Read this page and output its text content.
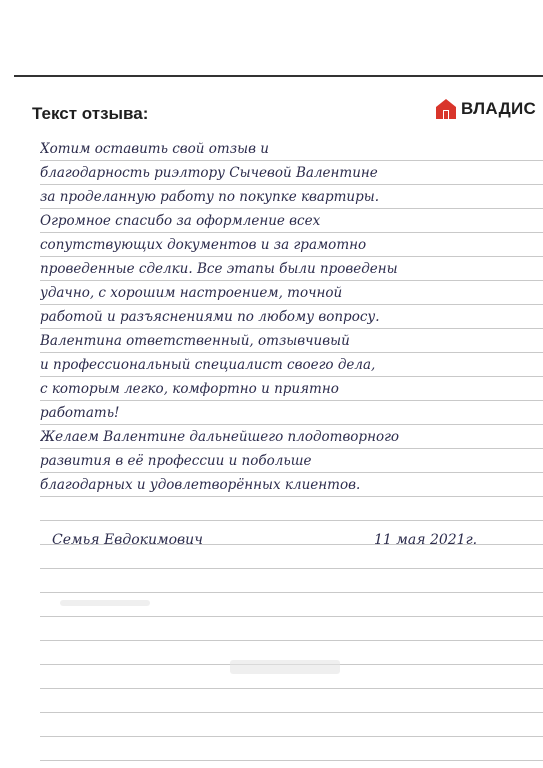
Текст отзыва:	ВЛАДИС
Хотим оставить свой отзыв и
благодарность риэлтору Сычевой Валентине
за проделанную работу по покупке квартиры.
Огромное спасибо за оформление всех
сопутствующих документов и за грамотно
проведенные сделки. Все этапы были проведены
удачно, с хорошим настроением, точной
работой и разъяснениями по любому вопросу.
Валентина ответственный, отзывчивый
и профессиональный специалист своего дела,
с которым легко, комфортно и приятно
работать!
Желаем Валентине дальнейшего плодотворного
развития в её профессии и побольше
благодарных и удовлетворённых клиентов.
Семья Евдокимович	11 мая 2021г.
